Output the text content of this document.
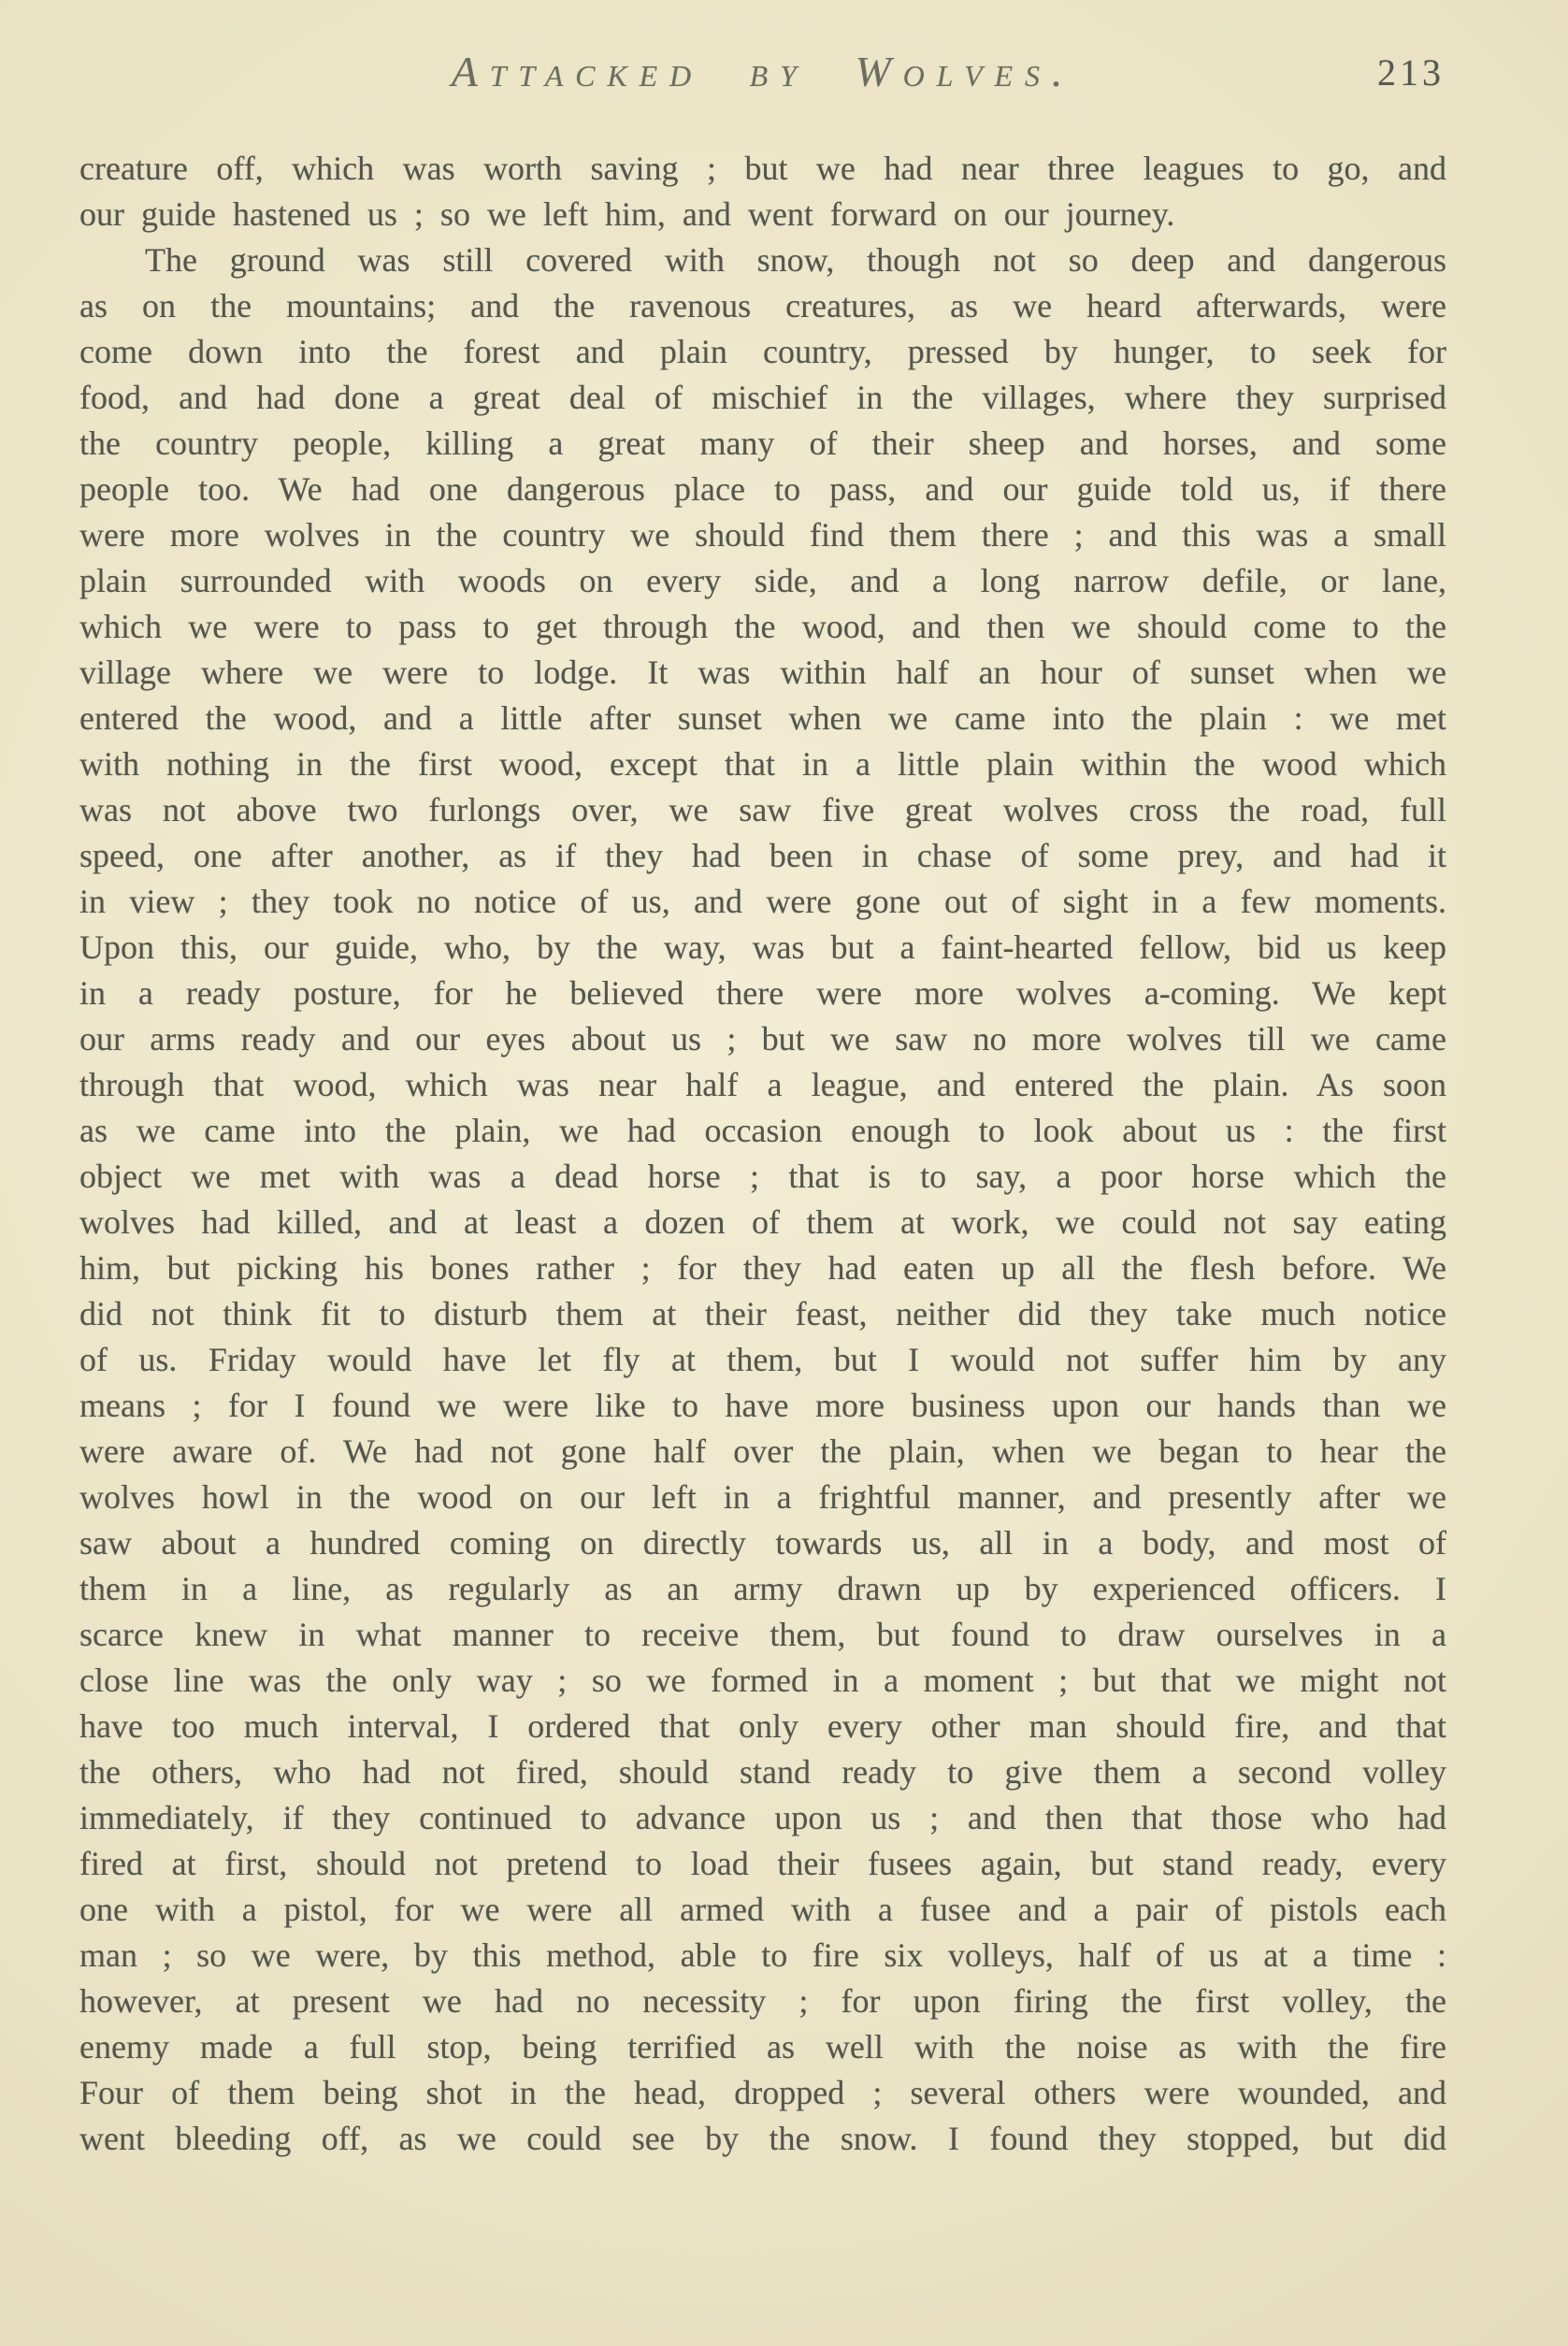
Attacked by Wolves.	213
creature off, which was worth saving ; but we had near three leagues to go, and
our guide hastened us ; so we left him, and went forward on our journey.
The ground was still covered with snow, though not so deep and dangerous
as on the mountains; and the ravenous creatures, as we heard afterwards, were
come down into the forest and plain country, pressed by hunger, to seek for
food, and had done a great deal of mischief in the villages, where they surprised
the country people, killing a great many of their sheep and horses, and some
people too. We had one dangerous place to pass, and our guide told us, if there
were more wolves in the country we should find them there ; and this was a small
plain surrounded with woods on every side, and a long narrow defile, or lane,
which we were to pass to get through the wood, and then we should come to the
village where we were to lodge. It was within half an hour of sunset when we
entered the wood, and a little after sunset when we came into the plain : we met
with nothing in the first wood, except that in a little plain within the wood which
was not above two furlongs over, we saw five great wolves cross the road, full
speed, one after another, as if they had been in chase of some prey, and had it
in view ; they took no notice of us, and were gone out of sight in a few moments.
Upon this, our guide, who, by the way, was but a faint-hearted fellow, bid us keep
in a ready posture, for he believed there were more wolves a-coming. We kept
our arms ready and our eyes about us ; but we saw no more wolves till we came
through that wood, which was near half a league, and entered the plain. As soon
as we came into the plain, we had occasion enough to look about us : the first
object we met with was a dead horse ; that is to say, a poor horse which the
wolves had killed, and at least a dozen of them at work, we could not say eating
him, but picking his bones rather ; for they had eaten up all the flesh before. We
did not think fit to disturb them at their feast, neither did they take much notice
of us. Friday would have let fly at them, but I would not suffer him by any
means ; for I found we were like to have more business upon our hands than we
were aware of. We had not gone half over the plain, when we began to hear the
wolves howl in the wood on our left in a frightful manner, and presently after we
saw about a hundred coming on directly towards us, all in a body, and most of
them in a line, as regularly as an army drawn up by experienced officers. I
scarce knew in what manner to receive them, but found to draw ourselves in a
close line was the only way ; so we formed in a moment ; but that we might not
have too much interval, I ordered that only every other man should fire, and that
the others, who had not fired, should stand ready to give them a second volley
immediately, if they continued to advance upon us ; and then that those who had
fired at first, should not pretend to load their fusees again, but stand ready, every
one with a pistol, for we were all armed with a fusee and a pair of pistols each
man ; so we were, by this method, able to fire six volleys, half of us at a time :
however, at present we had no necessity ; for upon firing the first volley, the
enemy made a full stop, being terrified as well with the noise as with the fire
Four of them being shot in the head, dropped ; several others were wounded, and
went bleeding off, as we could see by the snow. I found they stopped, but did
